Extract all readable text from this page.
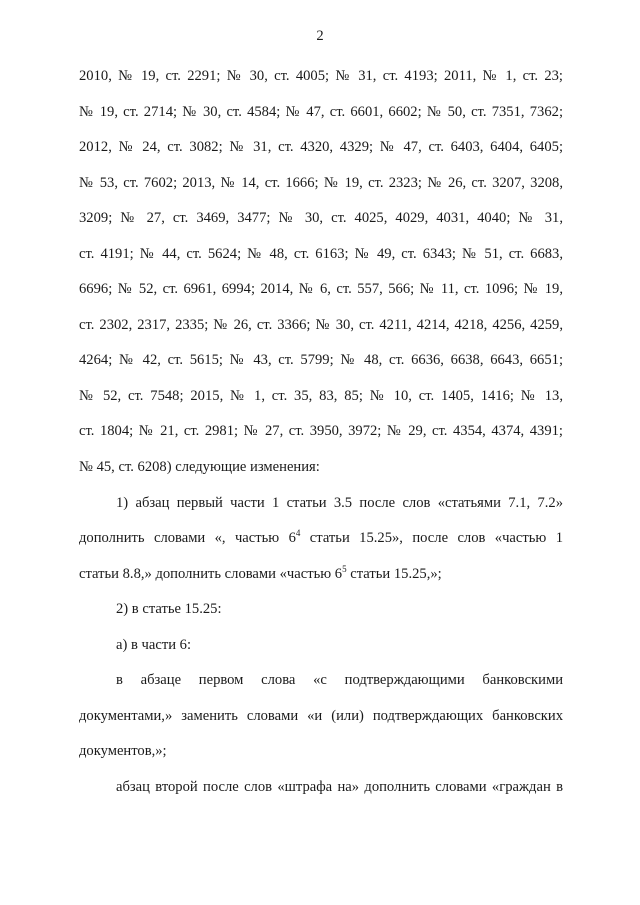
2
2010, № 19, ст. 2291; № 30, ст. 4005; № 31, ст. 4193; 2011, № 1, ст. 23;
№ 19, ст. 2714; № 30, ст. 4584; № 47, ст. 6601, 6602; № 50, ст. 7351, 7362;
2012, № 24, ст. 3082; № 31, ст. 4320, 4329; № 47, ст. 6403, 6404, 6405;
№ 53, ст. 7602; 2013, № 14, ст. 1666; № 19, ст. 2323; № 26, ст. 3207, 3208,
3209; № 27, ст. 3469, 3477; № 30, ст. 4025, 4029, 4031, 4040; № 31,
ст. 4191; № 44, ст. 5624; № 48, ст. 6163; № 49, ст. 6343; № 51, ст. 6683,
6696; № 52, ст. 6961, 6994; 2014, № 6, ст. 557, 566; № 11, ст. 1096; № 19,
ст. 2302, 2317, 2335; № 26, ст. 3366; № 30, ст. 4211, 4214, 4218, 4256, 4259,
4264; № 42, ст. 5615; № 43, ст. 5799; № 48, ст. 6636, 6638, 6643, 6651;
№ 52, ст. 7548; 2015, № 1, ст. 35, 83, 85; № 10, ст. 1405, 1416; № 13,
ст. 1804; № 21, ст. 2981; № 27, ст. 3950, 3972; № 29, ст. 4354, 4374, 4391;
№ 45, ст. 6208) следующие изменения:
1) абзац первый части 1 статьи 3.5 после слов «статьями 7.1, 7.2»
дополнить словами «, частью $6^4$ статьи 15.25», после слов «частью 1
статьи 8.8,» дополнить словами «частью $6^5$ статьи 15.25,»;
2) в статье 15.25:
а) в части 6:
в абзаце первом слова «с подтверждающими банковскими
документами,» заменить словами «и (или) подтверждающих банковских
документов,»;
абзац второй после слов «штрафа на» дополнить словами «граждан в
